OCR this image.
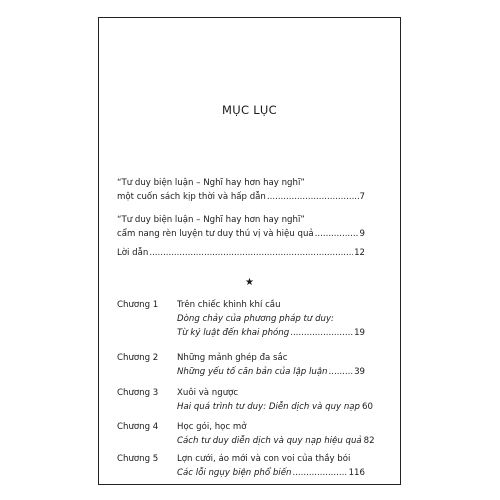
MỤC LỤC
“Tư duy biện luận – Nghĩ hay hơn hay nghĩ”
một cuốn sách kịp thời và hấp dẫn .....	7
“Tư duy biện luận – Nghĩ hay hơn hay nghĩ”
cẩm nang rèn luyện tư duy thú vị và hiệu quả .....	9
Lời dẫn .....	12
★
Chương 1	Trên chiếc khinh khí cầu
Dòng chảy của phương pháp tư duy:
Từ kỷ luật đến khai phóng .....	19
Chương 2	Những mảnh ghép đa sắc
Những yếu tố căn bản của lập luận .....	39
Chương 3	Xuôi và ngược
Hai quá trình tư duy: Diễn dịch và quy nạp 60
Chương 4	Học gói, học mở
Cách tư duy diễn dịch và quy nạp hiệu quả 82
Chương 5	Lợn cưới, áo mới và con voi của thầy bói
Các lỗi ngụy biện phổ biến .....	116
